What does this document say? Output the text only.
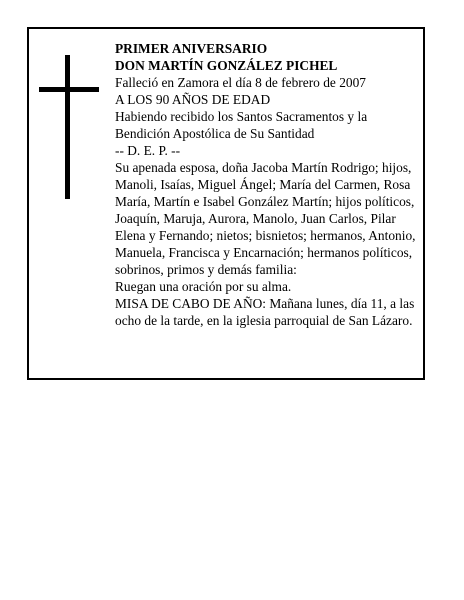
PRIMER ANIVERSARIO

DON MARTÍN GONZÁLEZ PICHEL

Falleció en Zamora el día 8 de febrero de 2007

A LOS 90 AÑOS DE EDAD

Habiendo recibido los Santos Sacramentos y la Bendición Apostólica de Su Santidad

-- D. E. P. --

Su apenada esposa, doña Jacoba Martín Rodrigo; hijos, Manoli, Isaías, Miguel Ángel; María del Carmen, Rosa María, Martín e Isabel González Martín; hijos políticos, Joaquín, Maruja, Aurora, Manolo, Juan Carlos, Pilar Elena y Fernando; nietos; bisnietos; hermanos, Antonio, Manuela, Francisca y Encarnación; hermanos políticos, sobrinos, primos y demás familia:

Ruegan una oración por su alma.

MISA DE CABO DE AÑO: Mañana lunes, día 11, a las ocho de la tarde, en la iglesia parroquial de San Lázaro.
